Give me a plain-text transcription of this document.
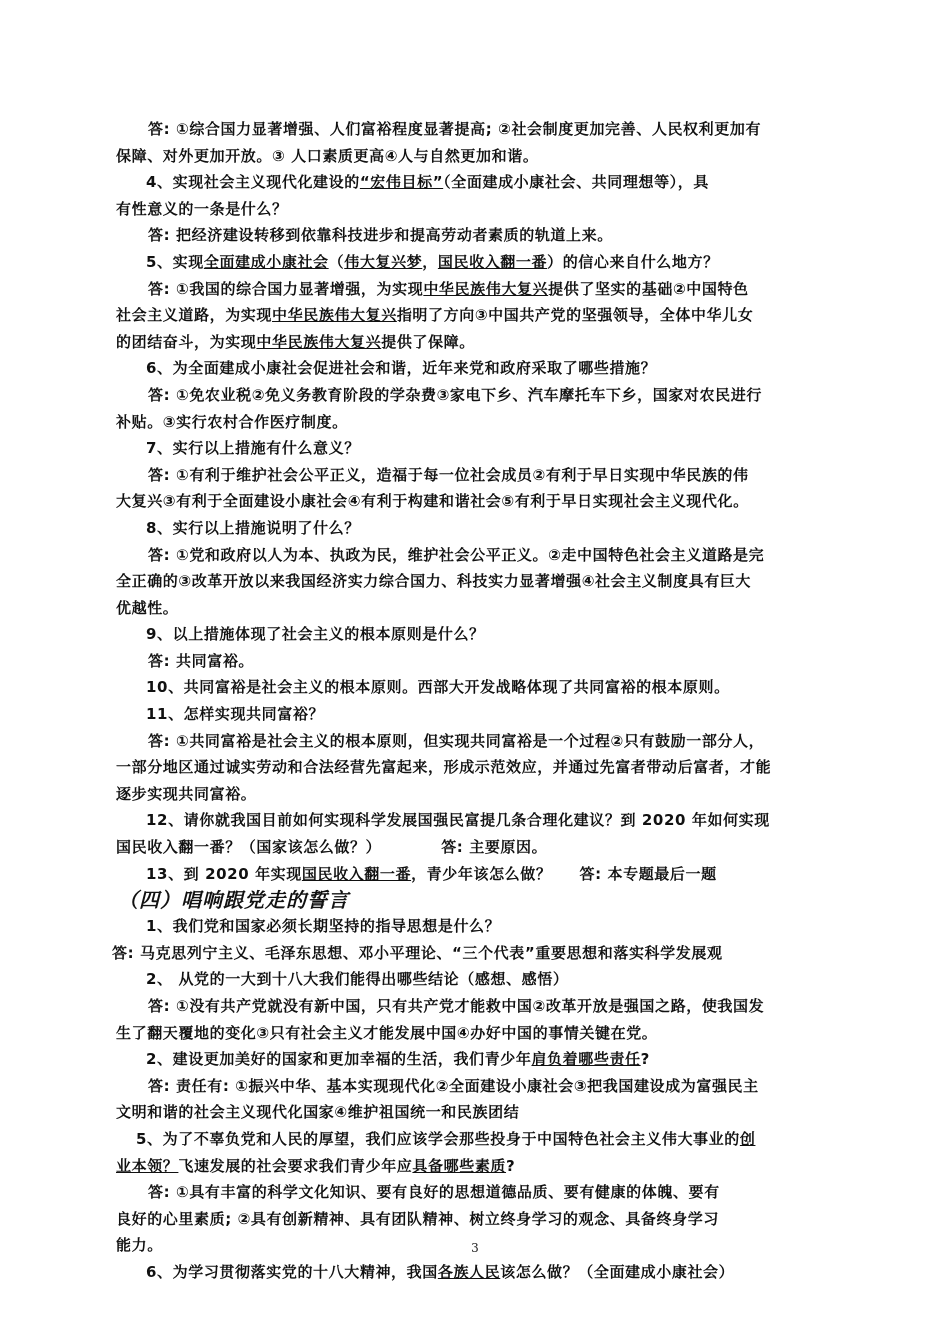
答: ①综合国力显著增强、人们富裕程度显著提高; ②社会制度更加完善、人民权利更加有
保障、对外更加开放。③ 人口素质更高④人与自然更加和谐。
4、实现社会主义现代化建设的“宏伟目标”（全面建成小康社会、共同理想等），具
有性意义的一条是什么？
答: 把经济建设转移到依靠科技进步和提高劳动者素质的轨道上来。
5、实现全面建成小康社会（伟大复兴梦，国民收入翻一番）的信心来自什么地方？
答: ①我国的综合国力显著增强，为实现中华民族伟大复兴提供了坚实的基础②中国特色
社会主义道路，为实现中华民族伟大复兴指明了方向③中国共产党的坚强领导，全体中华儿女
的团结奋斗，为实现中华民族伟大复兴提供了保障。
6、为全面建成小康社会促进社会和谐，近年来党和政府采取了哪些措施？
答: ①免农业税②免义务教育阶段的学杂费③家电下乡、汽车摩托车下乡，国家对农民进行
补贴。③实行农村合作医疗制度。
7、实行以上措施有什么意义？
答: ①有利于维护社会公平正义，造福于每一位社会成员②有利于早日实现中华民族的伟
大复兴③有利于全面建设小康社会④有利于构建和谐社会⑤有利于早日实现社会主义现代化。
8、实行以上措施说明了什么？
答: ①党和政府以人为本、执政为民，维护社会公平正义。②走中国特色社会主义道路是完
全正确的③改革开放以来我国经济实力综合国力、科技实力显著增强④社会主义制度具有巨大
优越性。
9、以上措施体现了社会主义的根本原则是什么？
答: 共同富裕。
10、共同富裕是社会主义的根本原则。西部大开发战略体现了共同富裕的根本原则。
11、怎样实现共同富裕？
答: ①共同富裕是社会主义的根本原则，但实现共同富裕是一个过程②只有鼓励一部分人，
一部分地区通过诚实劳动和合法经营先富起来，形成示范效应，并通过先富者带动后富者，才能
逐步实现共同富裕。
12、请你就我国目前如何实现科学发展国强民富提几条合理化建议？到 2020 年如何实现
国民收入翻一番？（国家该怎么做？）	答: 主要原因。
13、到 2020 年实现国民收入翻一番，青少年该怎么做？ 答: 本专题最后一题
（四）唱响跟党走的誓言
1、我们党和国家必须长期坚持的指导思想是什么？
答: 马克思列宁主义、毛泽东思想、邓小平理论、“三个代表”重要思想和落实科学发展观
2、 从党的一大到十八大我们能得出哪些结论（感想、感悟）
答: ①没有共产党就没有新中国，只有共产党才能救中国②改革开放是强国之路，使我国发
生了翻天覆地的变化③只有社会主义才能发展中国④办好中国的事情关键在党。
2、建设更加美好的国家和更加幸福的生活，我们青少年肩负着哪些责任?
答: 责任有: ①振兴中华、基本实现现代化②全面建设小康社会③把我国建设成为富强民主
文明和谐的社会主义现代化国家④维护祖国统一和民族团结
5、为了不辜负党和人民的厚望，我们应该学会那些投身于中国特色社会主义伟大事业的创
业本领？飞速发展的社会要求我们青少年应具备哪些素质?
答: ①具有丰富的科学文化知识、要有良好的思想道德品质、要有健康的体魄、要有
良好的心里素质; ②具有创新精神、具有团队精神、树立终身学习的观念、具备终身学习
能力。
6、为学习贯彻落实党的十八大精神，我国各族人民该怎么做？（全面建成小康社会）
3
